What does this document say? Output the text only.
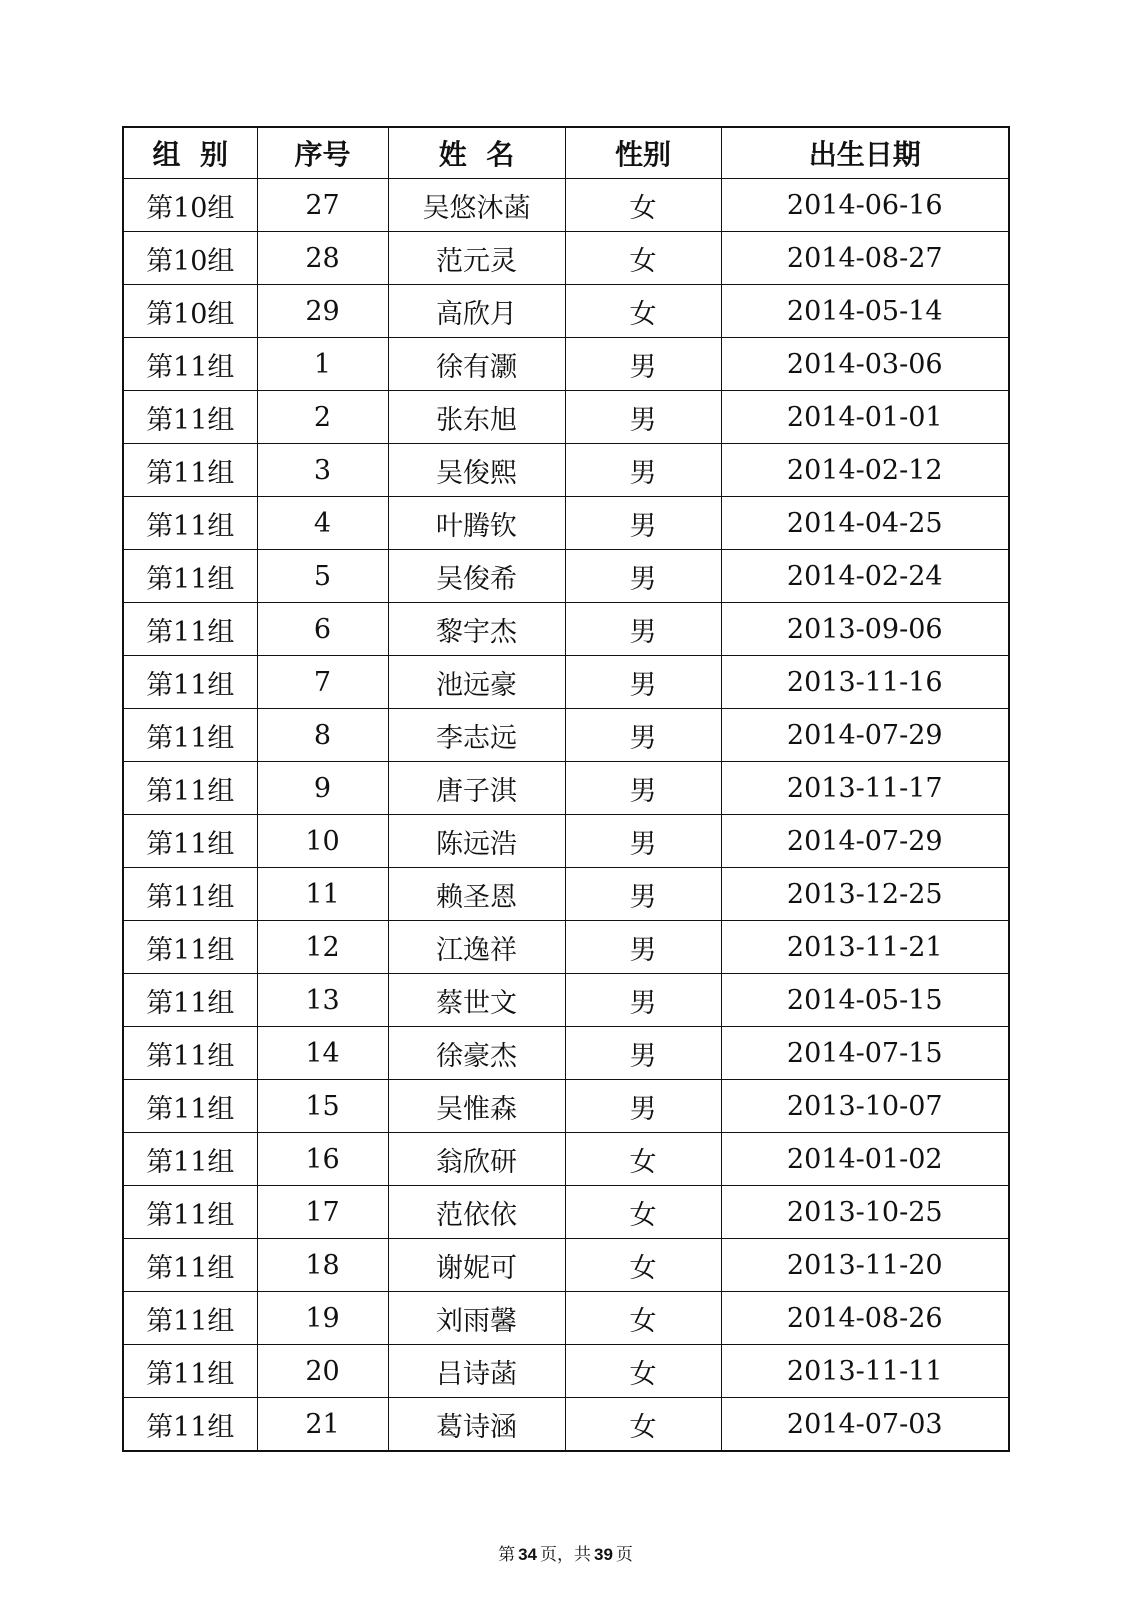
组  别	序号	姓  名	性别	出生日期
第10组	27	吴悠沐菡	女	2014-06-16
第10组	28	范元灵	女	2014-08-27
第10组	29	高欣月	女	2014-05-14
第11组	1	徐有灏	男	2014-03-06
第11组	2	张东旭	男	2014-01-01
第11组	3	吴俊熙	男	2014-02-12
第11组	4	叶腾钦	男	2014-04-25
第11组	5	吴俊希	男	2014-02-24
第11组	6	黎宇杰	男	2013-09-06
第11组	7	池远豪	男	2013-11-16
第11组	8	李志远	男	2014-07-29
第11组	9	唐子淇	男	2013-11-17
第11组	10	陈远浩	男	2014-07-29
第11组	11	赖圣恩	男	2013-12-25
第11组	12	江逸祥	男	2013-11-21
第11组	13	蔡世文	男	2014-05-15
第11组	14	徐豪杰	男	2014-07-15
第11组	15	吴惟森	男	2013-10-07
第11组	16	翁欣研	女	2014-01-02
第11组	17	范依依	女	2013-10-25
第11组	18	谢妮可	女	2013-11-20
第11组	19	刘雨馨	女	2014-08-26
第11组	20	吕诗菡	女	2013-11-11
第11组	21	葛诗涵	女	2014-07-03
第 34 页，共 39 页
